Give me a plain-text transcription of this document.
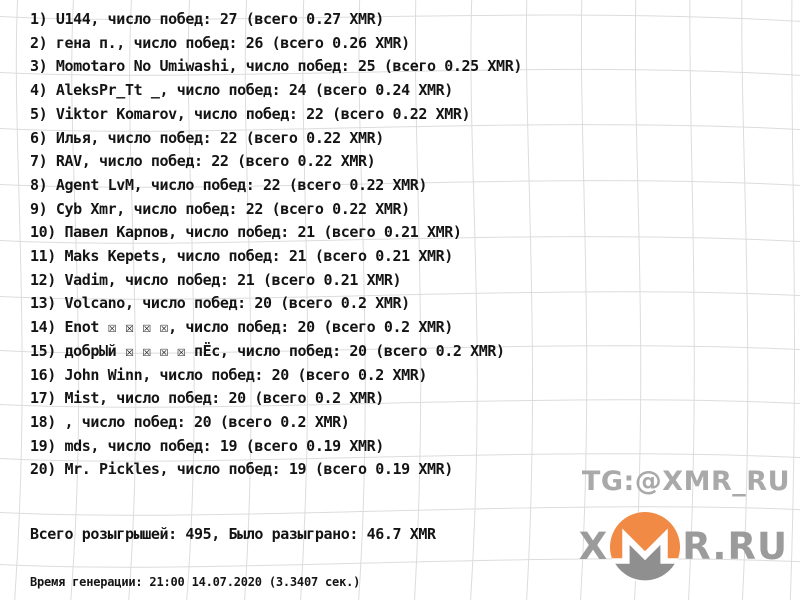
1) U144, число побед: 27 (всего 0.27 XMR)
2) гена п., число побед: 26 (всего 0.26 XMR)
3) Momotaro No Umiwashi, число побед: 25 (всего 0.25 XMR)
4) AleksPr_Tt _, число побед: 24 (всего 0.24 XMR)
5) Viktor Komarov, число побед: 22 (всего 0.22 XMR)
6) Илья, число побед: 22 (всего 0.22 XMR)
7) RAV, число побед: 22 (всего 0.22 XMR)
8) Agent LvM, число побед: 22 (всего 0.22 XMR)
9) Cyb Xmr, число побед: 22 (всего 0.22 XMR)
10) Павел Карпов, число побед: 21 (всего 0.21 XMR)
11) Maks Kepets, число побед: 21 (всего 0.21 XMR)
12) Vadim, число побед: 21 (всего 0.21 XMR)
13) Volcano, число побед: 20 (всего 0.2 XMR)
14) Enot ☒ ☒ ☒ ☒, число побед: 20 (всего 0.2 XMR)
15) добрЫй ☒ ☒ ☒ ☒ пЁс, число побед: 20 (всего 0.2 XMR)
16) John Winn, число побед: 20 (всего 0.2 XMR)
17) Mist, число побед: 20 (всего 0.2 XMR)
18) , число побед: 20 (всего 0.2 XMR)
19) mds, число побед: 19 (всего 0.19 XMR)
20) Mr. Pickles, число побед: 19 (всего 0.19 XMR)
Всего розыгрышей: 495, Было разыграно: 46.7 XMR
Время генерации: 21:00 14.07.2020 (3.3407 сек.)
TG:@XMR_RU
X R.RU
